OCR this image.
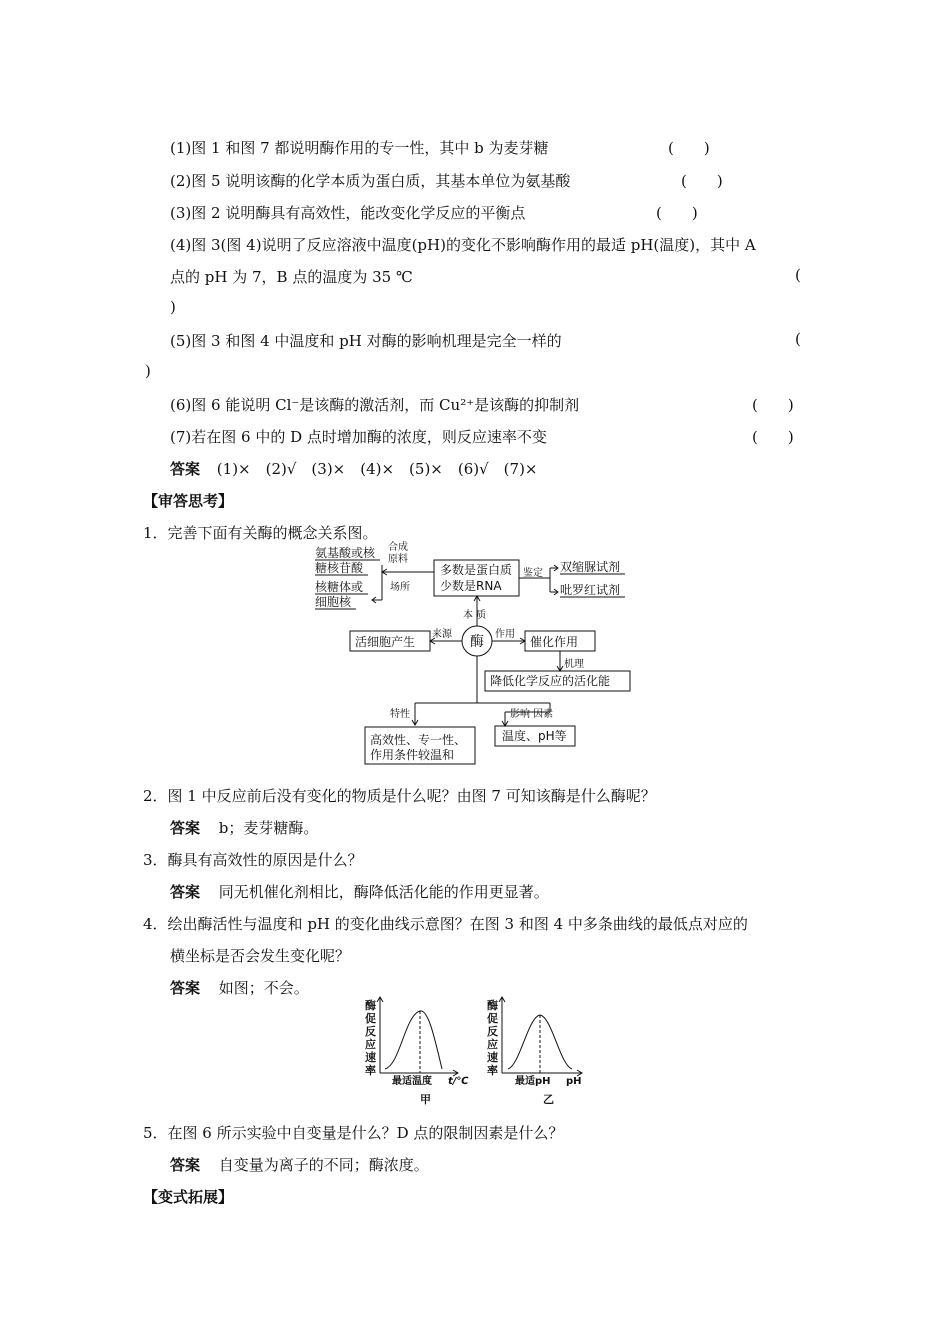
(1)图 1 和图 7 都说明酶作用的专一性，其中 b 为麦芽糖	(　　)
(2)图 5 说明该酶的化学本质为蛋白质，其基本单位为氨基酸	(　　)
(3)图 2 说明酶具有高效性，能改变化学反应的平衡点	(　　)
(4)图 3(图 4)说明了反应溶液中温度(pH)的变化不影响酶作用的最适 pH(温度)，其中 A
点的 pH 为 7，B 点的温度为 35 ℃	(
)
(5)图 3 和图 4 中温度和 pH 对酶的影响机理是完全一样的	(
)
(6)图 6 能说明 Cl⁻是该酶的激活剂，而 Cu²⁺是该酶的抑制剂	(　　)
(7)若在图 6 中的 D 点时增加酶的浓度，则反应速率不变	(　　)
答案 (1)×　(2)√　(3)×　(4)×　(5)×　(6)√　(7)×
【审答思考】
1．完善下面有关酶的概念关系图。
氨基酸或核
糖核苷酸
合成
原料
核糖体或
细胞核
场所
多数是蛋白质
少数是RNA
鉴定 双缩脲试剂
吡罗红试剂
本 质
酶
来源
活细胞产生
作用
催化作用
机理
降低化学反应的活化能
特性
高效性、专一性、
作用条件较温和
影响 因素
温度、pH等
2．图 1 中反应前后没有变化的物质是什么呢？由图 7 可知该酶是什么酶呢？
答案 b；麦芽糖酶。
3．酶具有高效性的原因是什么？
答案 同无机催化剂相比，酶降低活化能的作用更显著。
4．绘出酶活性与温度和 pH 的变化曲线示意图？在图 3 和图 4 中多条曲线的最低点对应的
横坐标是否会发生变化呢？
答案 如图；不会。
酶
促
反
应
速
率
最适温度 t/℃
甲
酶
促
反
应
速
率
最适pH pH
乙
5．在图 6 所示实验中自变量是什么？D 点的限制因素是什么？
答案 自变量为离子的不同；酶浓度。
【变式拓展】
